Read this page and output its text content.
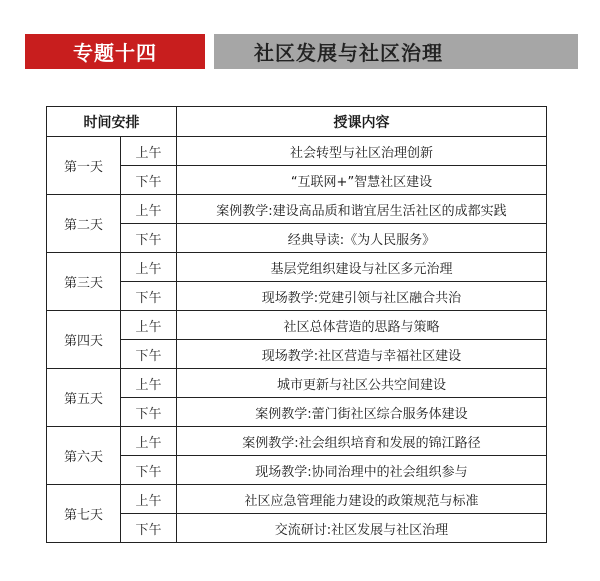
专题十四	社区发展与社区治理
时间安排		授课内容
第一天	上午	社会转型与社区治理创新
	下午	“互联网+”智慧社区建设
第二天	上午	案例教学:建设高品质和谐宜居生活社区的成都实践
	下午	经典导读:《为人民服务》
第三天	上午	基层党组织建设与社区多元治理
	下午	现场教学:党建引领与社区融合共治
第四天	上午	社区总体营造的思路与策略
	下午	现场教学:社区营造与幸福社区建设
第五天	上午	城市更新与社区公共空间建设
	下午	案例教学:蕾门街社区综合服务体建设
第六天	上午	案例教学:社会组织培育和发展的锦江路径
	下午	现场教学:协同治理中的社会组织参与
第七天	上午	社区应急管理能力建设的政策规范与标准
	下午	交流研讨:社区发展与社区治理
